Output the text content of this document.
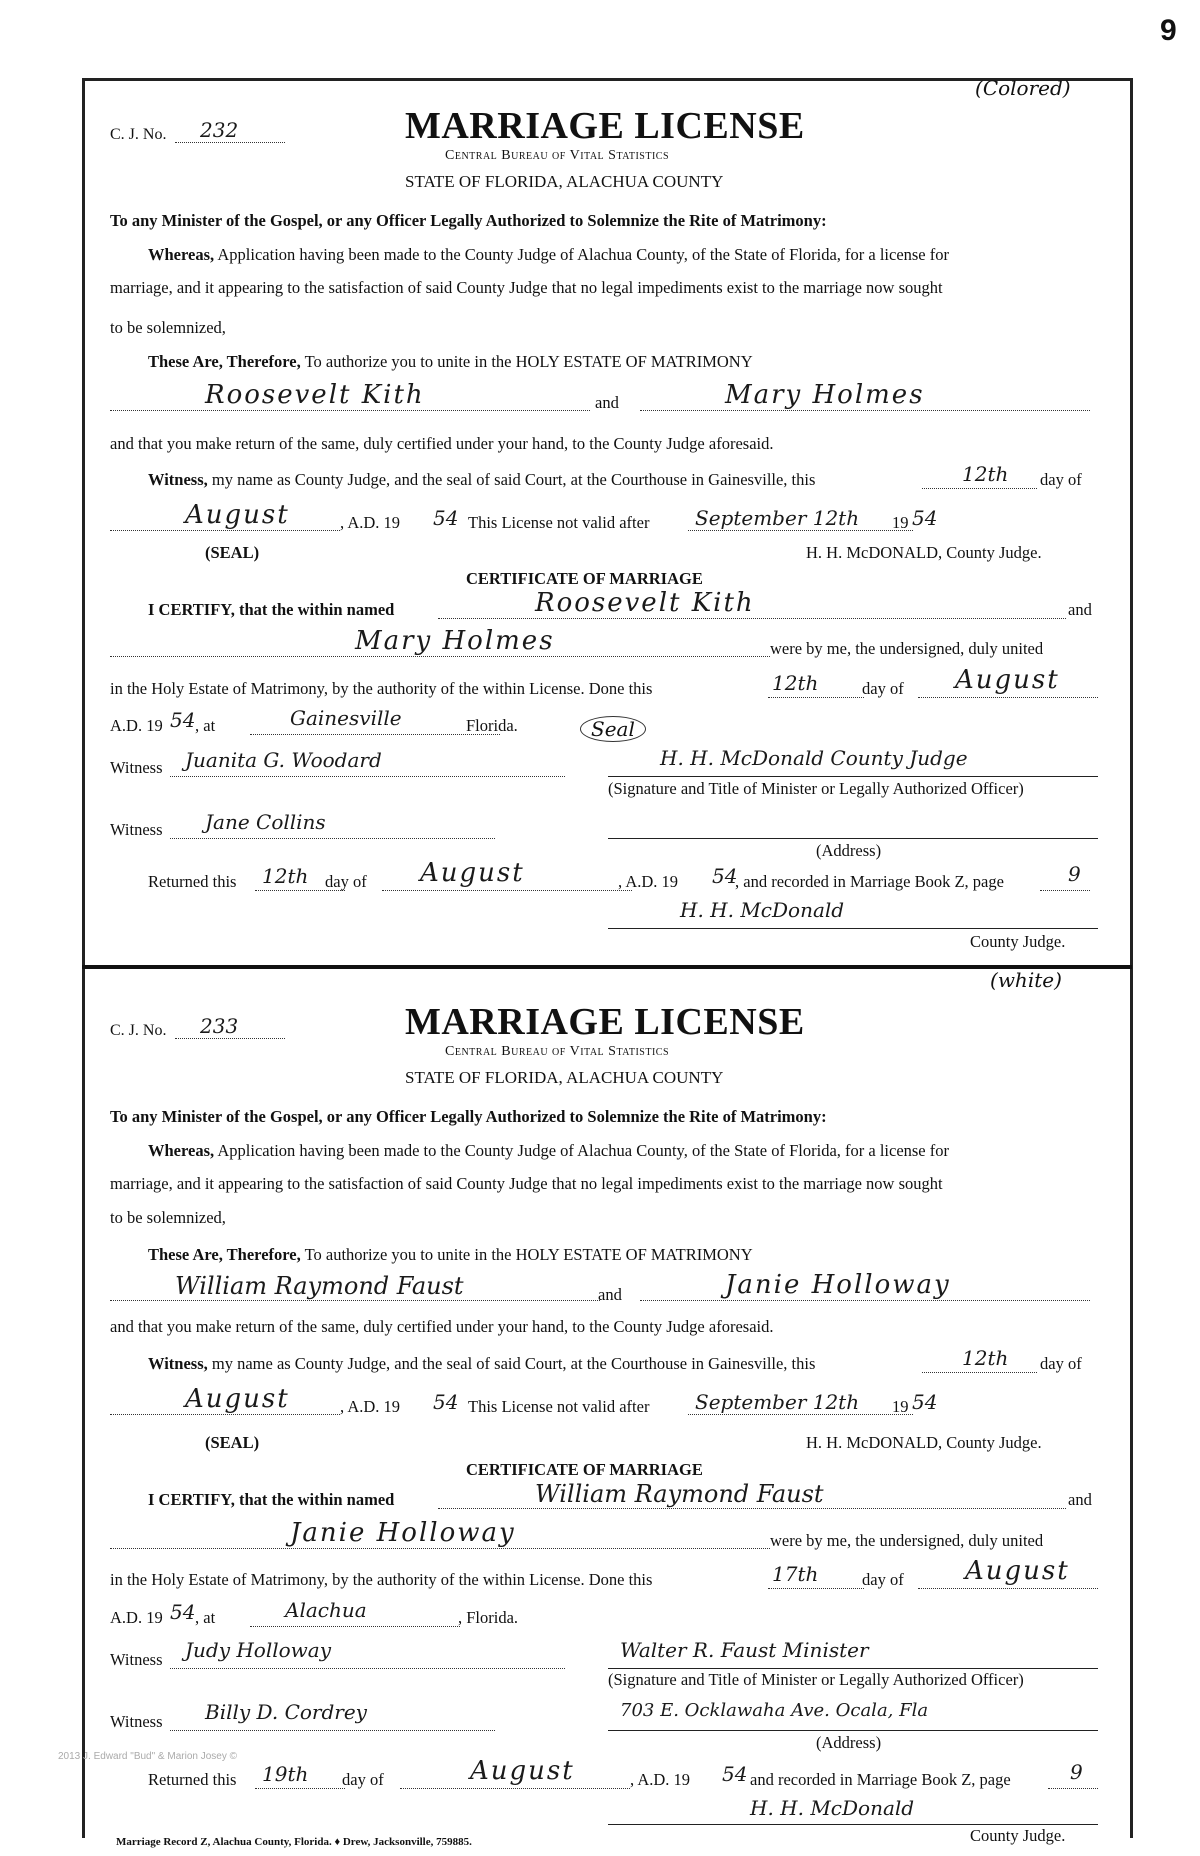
9
(Colored)
C. J. No. 232	MARRIAGE LICENSE
Central Bureau of Vital Statistics
STATE OF FLORIDA, ALACHUA COUNTY
To any Minister of the Gospel, or any Officer Legally Authorized to Solemnize the Rite of Matrimony:
Whereas, Application having been made to the County Judge of Alachua County, of the State of Florida, for a license for
marriage, and it appearing to the satisfaction of said County Judge that no legal impediments exist to the marriage now sought
to be solemnized,
These Are, Therefore, To authorize you to unite in the HOLY ESTATE OF MATRIMONY
Roosevelt Kith	and	Mary Holmes
and that you make return of the same, duly certified under your hand, to the County Judge aforesaid.
Witness, my name as County Judge, and the seal of said Court, at the Courthouse in Gainesville, this	12th day of
August	, A.D. 19 54 This License not valid after September 12th 19 54
(SEAL)	H. H. McDONALD, County Judge.
CERTIFICATE OF MARRIAGE
I CERTIFY, that the within named	Roosevelt Kith	and
Mary Holmes	were by me, the undersigned, duly united
in the Holy Estate of Matrimony, by the authority of the within License. Done this	12th	day of August
A.D. 19 54 , at	Gainesville	Florida.
Witness Juanita G. Woodard
Seal
H. H. McDonald County Judge
(Signature and Title of Minister or Legally Authorized Officer)
Witness Jane Collins
(Address)
Returned this 12th day of August	, A.D. 19 54
, and recorded in Marriage Book Z, page	9
H. H. McDonald
County Judge.
(white)
C. J. No. 233	MARRIAGE LICENSE
Central Bureau of Vital Statistics
STATE OF FLORIDA, ALACHUA COUNTY
To any Minister of the Gospel, or any Officer Legally Authorized to Solemnize the Rite of Matrimony:
Whereas, Application having been made to the County Judge of Alachua County, of the State of Florida, for a license for
marriage, and it appearing to the satisfaction of said County Judge that no legal impediments exist to the marriage now sought
to be solemnized,
These Are, Therefore, To authorize you to unite in the HOLY ESTATE OF MATRIMONY
William Raymond Faust	and	Janie Holloway
and that you make return of the same, duly certified under your hand, to the County Judge aforesaid.
Witness, my name as County Judge, and the seal of said Court, at the Courthouse in Gainesville, this	12th day of
August	, A.D. 19 54 This License not valid after September 12th 19 54
(SEAL)	H. H. McDONALD, County Judge.
CERTIFICATE OF MARRIAGE
I CERTIFY, that the within named	William Raymond Faust	and
Janie Holloway	were by me, the undersigned, duly united
in the Holy Estate of Matrimony, by the authority of the within License. Done this	17th	day of August
A.D. 19 54 , at	Alachua	, Florida.
Witness Judy Holloway	Walter R. Faust Minister
(Signature and Title of Minister or Legally Authorized Officer)
Witness Billy D. Cordrey	703 E. Ocklawaha Ave. Ocala, Fla
(Address)
Returned this 19th day of	August	, A.D. 19 54 and recorded in Marriage Book Z, page	9
H. H. McDonald
County Judge.
2013 J. Edward "Bud" & Marion Josey ©
Marriage Record Z, Alachua County, Florida. ♦ Drew, Jacksonville, 759885.
